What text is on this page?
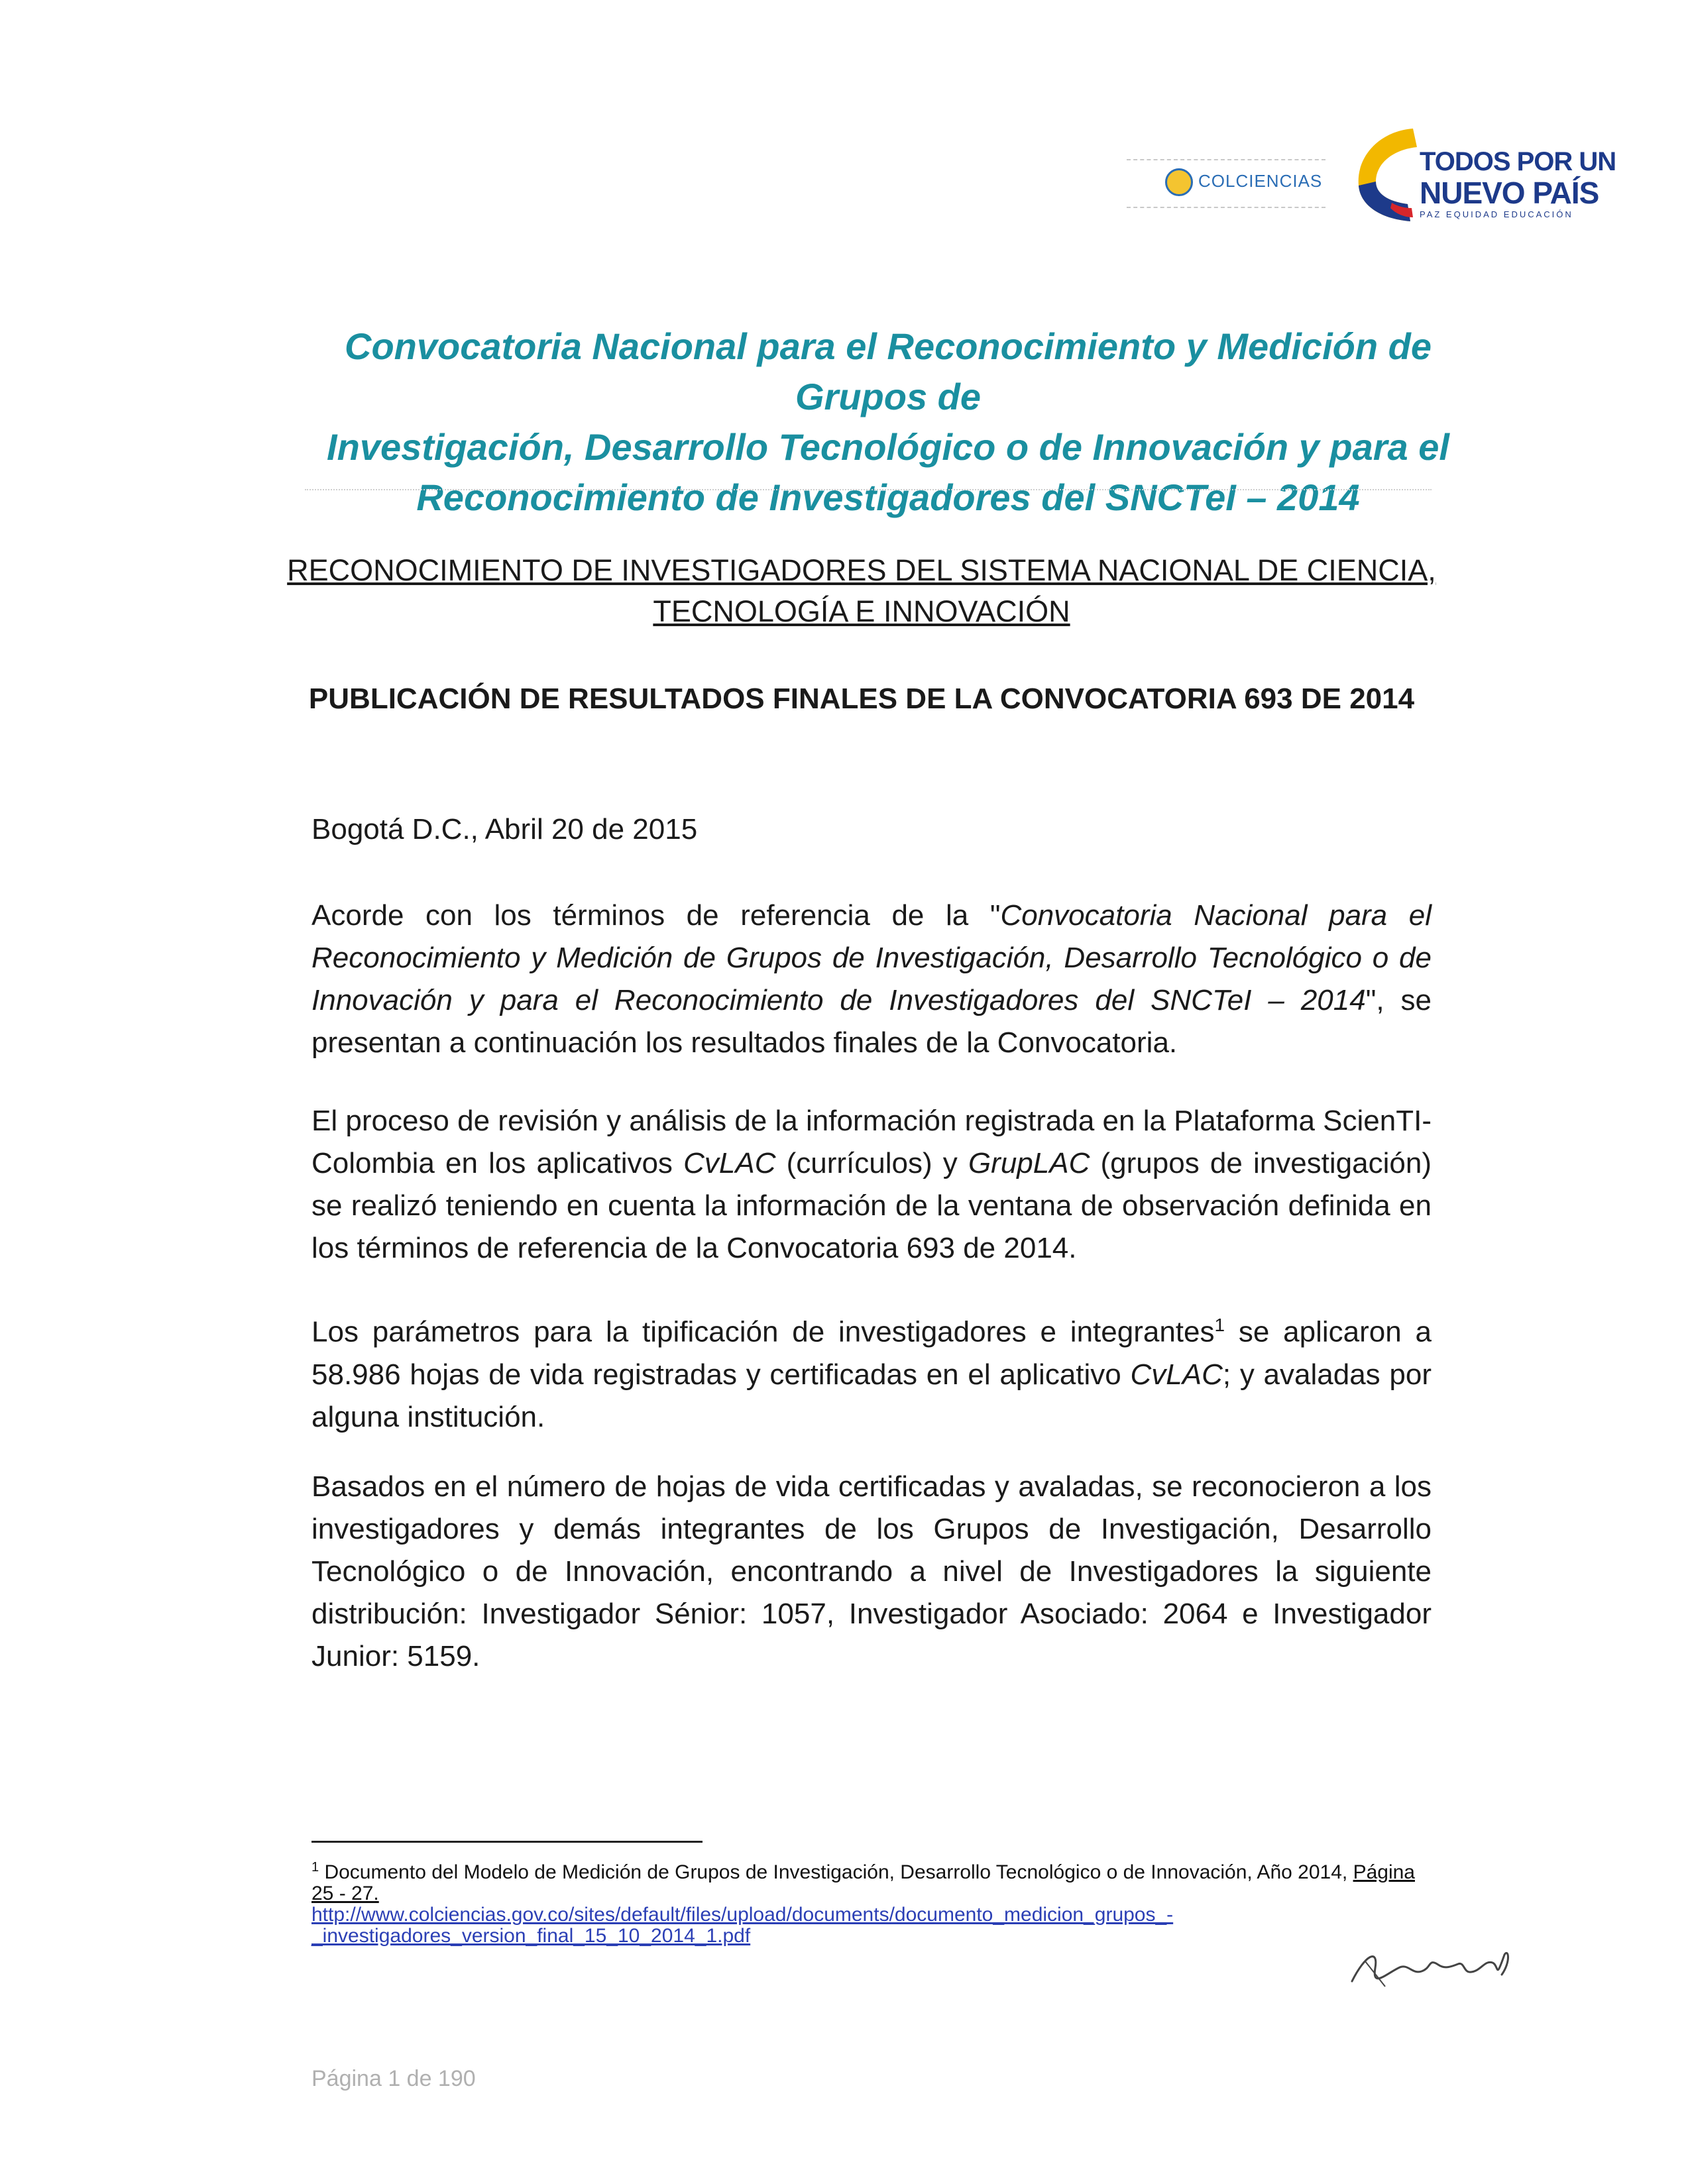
COLCIENCIAS
TODOS POR UN
NUEVO PAÍS
PAZ EQUIDAD EDUCACIÓN
Convocatoria Nacional para el Reconocimiento y Medición de Grupos de
Investigación, Desarrollo Tecnológico o de Innovación y para el
Reconocimiento de Investigadores del SNCTeI – 2014
RECONOCIMIENTO DE INVESTIGADORES DEL SISTEMA NACIONAL DE CIENCIA,
TECNOLOGÍA E INNOVACIÓN
PUBLICACIÓN DE RESULTADOS FINALES DE LA CONVOCATORIA 693 DE 2014
Bogotá D.C., Abril 20 de 2015
Acorde con los términos de referencia de la "Convocatoria Nacional para el Reconocimiento y Medición de Grupos de Investigación, Desarrollo Tecnológico o de Innovación y para el Reconocimiento de Investigadores del SNCTeI – 2014", se presentan a continuación los resultados finales de la Convocatoria.
El proceso de revisión y análisis de la información registrada en la Plataforma ScienTI-Colombia en los aplicativos CvLAC (currículos) y GrupLAC (grupos de investigación) se realizó teniendo en cuenta la información de la ventana de observación definida en los términos de referencia de la Convocatoria 693 de 2014.
Los parámetros para la tipificación de investigadores e integrantes$^1$ se aplicaron a 58.986 hojas de vida registradas y certificadas en el aplicativo CvLAC; y avaladas por alguna institución.
Basados en el número de hojas de vida certificadas y avaladas, se reconocieron a los investigadores y demás integrantes de los Grupos de Investigación, Desarrollo Tecnológico o de Innovación, encontrando a nivel de Investigadores la siguiente distribución: Investigador Sénior: 1057, Investigador Asociado: 2064 e Investigador Junior: 5159.
$^1$ Documento del Modelo de Medición de Grupos de Investigación, Desarrollo Tecnológico o de Innovación, Año 2014, Página 25 - 27.
http://www.colciencias.gov.co/sites/default/files/upload/documents/documento_medicion_grupos_-
_investigadores_version_final_15_10_2014_1.pdf
Página 1 de 190
